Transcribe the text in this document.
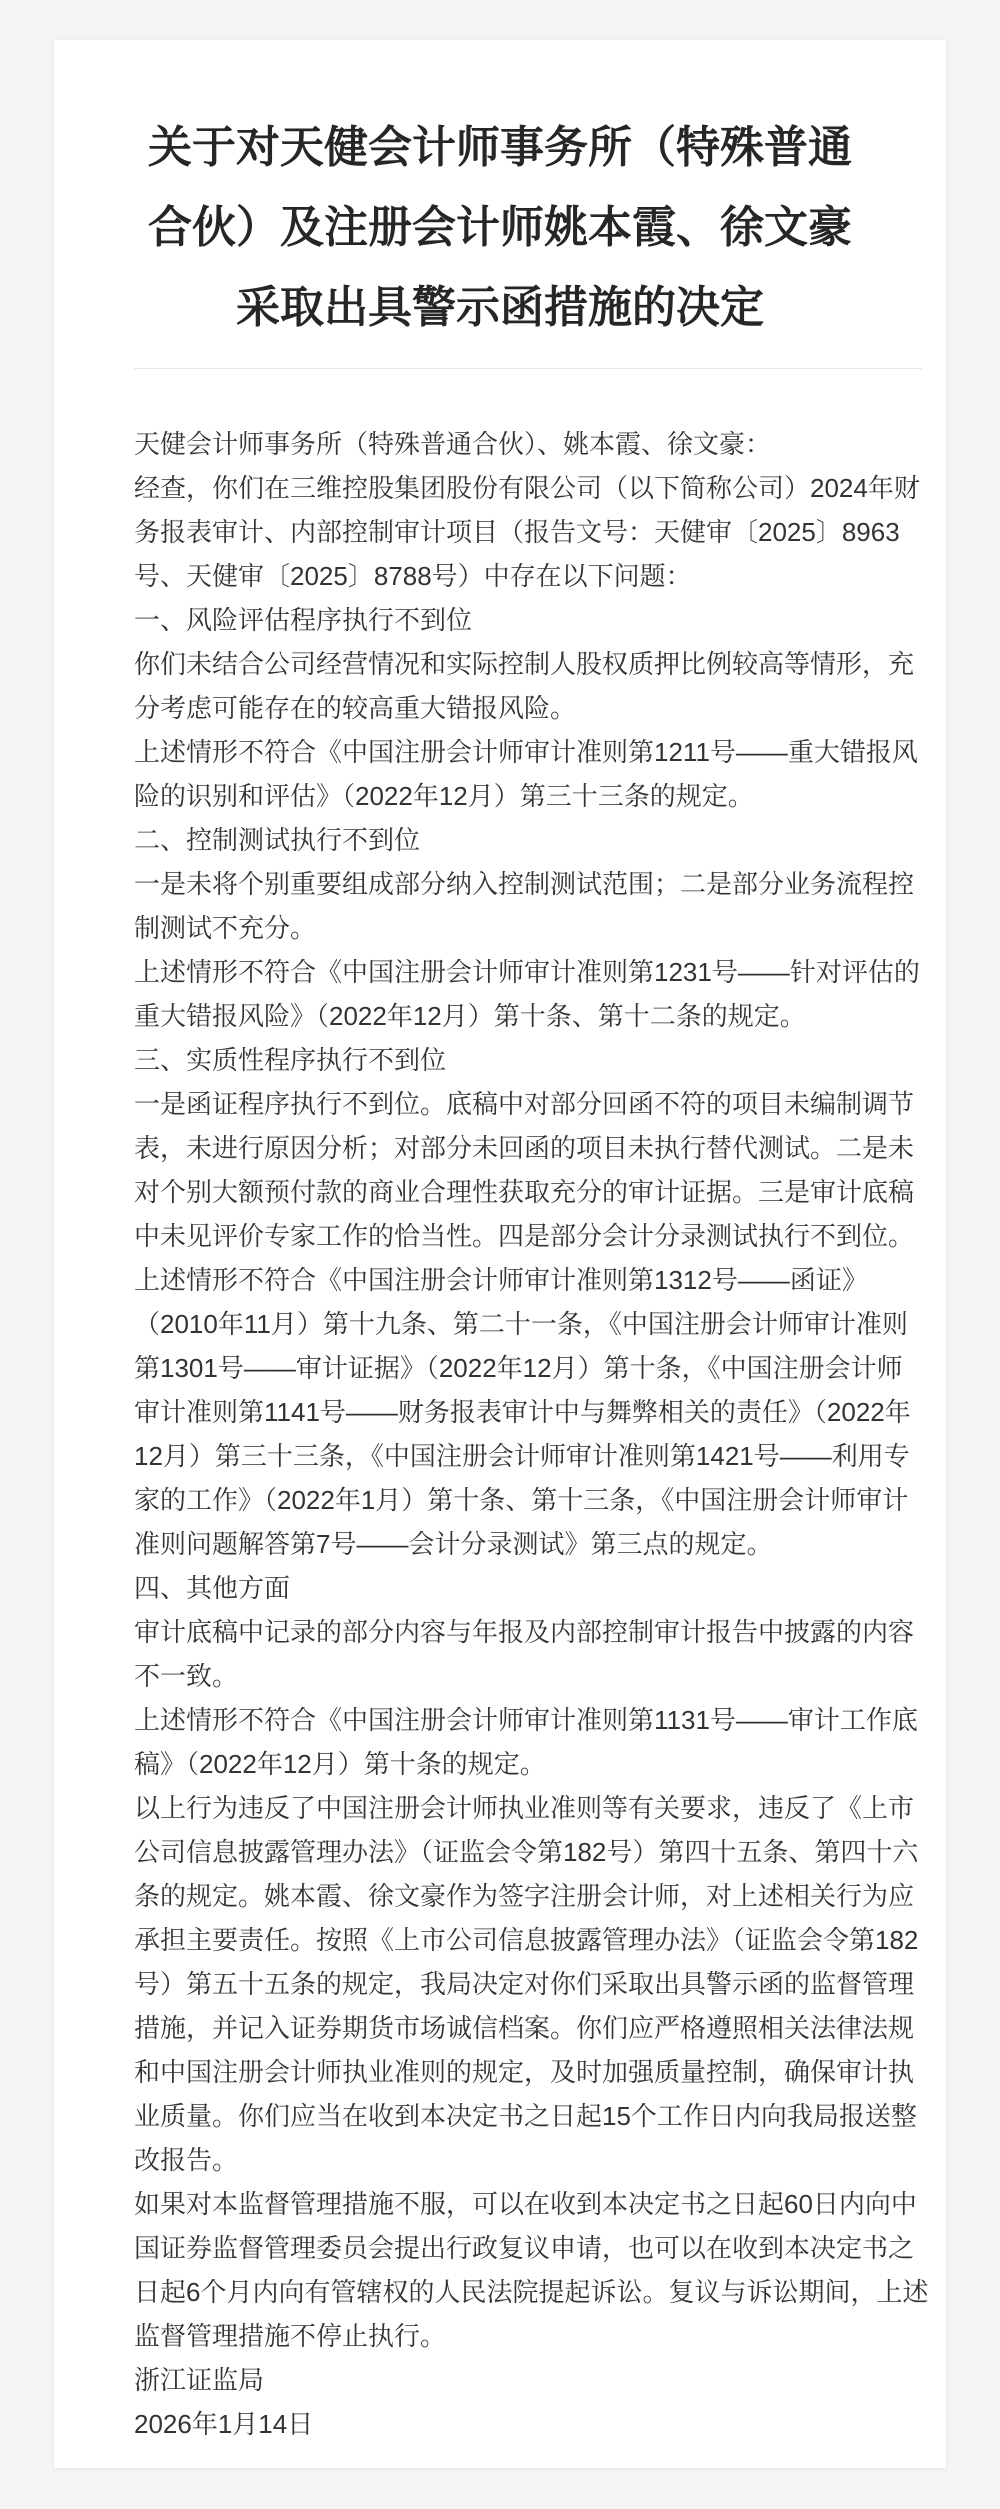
关于对天健会计师事务所（特殊普通
合伙）及注册会计师姚本霞、徐文豪
采取出具警示函措施的决定
天健会计师事务所（特殊普通合伙）、姚本霞、徐文豪：
经查，你们在三维控股集团股份有限公司（以下简称公司）2024年财
务报表审计、内部控制审计项目（报告文号：天健审〔2025〕8963
号、天健审〔2025〕8788号）中存在以下问题：
一、风险评估程序执行不到位
你们未结合公司经营情况和实际控制人股权质押比例较高等情形，充
分考虑可能存在的较高重大错报风险。
上述情形不符合《中国注册会计师审计准则第1211号——重大错报风
险的识别和评估》（2022年12月）第三十三条的规定。
二、控制测试执行不到位
一是未将个别重要组成部分纳入控制测试范围；二是部分业务流程控
制测试不充分。
上述情形不符合《中国注册会计师审计准则第1231号——针对评估的
重大错报风险》（2022年12月）第十条、第十二条的规定。
三、实质性程序执行不到位
一是函证程序执行不到位。底稿中对部分回函不符的项目未编制调节
表，未进行原因分析；对部分未回函的项目未执行替代测试。二是未
对个别大额预付款的商业合理性获取充分的审计证据。三是审计底稿
中未见评价专家工作的恰当性。四是部分会计分录测试执行不到位。
上述情形不符合《中国注册会计师审计准则第1312号——函证》
（2010年11月）第十九条、第二十一条，《中国注册会计师审计准则
第1301号——审计证据》（2022年12月）第十条，《中国注册会计师
审计准则第1141号——财务报表审计中与舞弊相关的责任》（2022年
12月）第三十三条，《中国注册会计师审计准则第1421号——利用专
家的工作》（2022年1月）第十条、第十三条，《中国注册会计师审计
准则问题解答第7号——会计分录测试》第三点的规定。
四、其他方面
审计底稿中记录的部分内容与年报及内部控制审计报告中披露的内容
不一致。
上述情形不符合《中国注册会计师审计准则第1131号——审计工作底
稿》（2022年12月）第十条的规定。
以上行为违反了中国注册会计师执业准则等有关要求，违反了《上市
公司信息披露管理办法》（证监会令第182号）第四十五条、第四十六
条的规定。姚本霞、徐文豪作为签字注册会计师，对上述相关行为应
承担主要责任。按照《上市公司信息披露管理办法》（证监会令第182
号）第五十五条的规定，我局决定对你们采取出具警示函的监督管理
措施，并记入证券期货市场诚信档案。你们应严格遵照相关法律法规
和中国注册会计师执业准则的规定，及时加强质量控制，确保审计执
业质量。你们应当在收到本决定书之日起15个工作日内向我局报送整
改报告。
如果对本监督管理措施不服，可以在收到本决定书之日起60日内向中
国证券监督管理委员会提出行政复议申请，也可以在收到本决定书之
日起6个月内向有管辖权的人民法院提起诉讼。复议与诉讼期间，上述
监督管理措施不停止执行。
浙江证监局
2026年1月14日
